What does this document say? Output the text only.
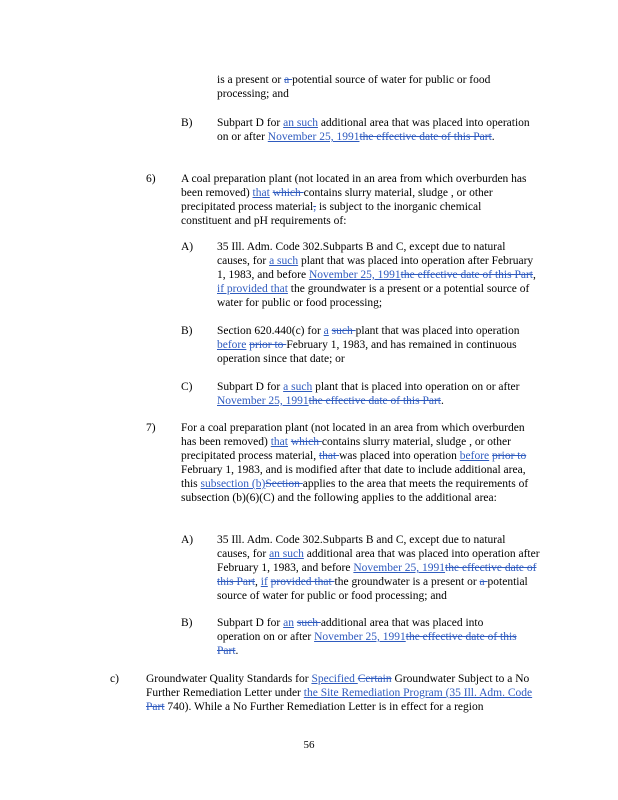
is a present or a potential source of water for public or food processing; and

B) Subpart D for an such additional area that was placed into operation on or after November 25, 1991the effective date of this Part.

6) A coal preparation plant (not located in an area from which overburden has been removed) that which contains slurry material, sludge , or other precipitated process material, is subject to the inorganic chemical constituent and pH requirements of:

A) 35 Ill. Adm. Code 302.Subparts B and C, except due to natural causes, for a such plant that was placed into operation after February 1, 1983, and before November 25, 1991the effective date of this Part, if provided that the groundwater is a present or a potential source of water for public or food processing;

B) Section 620.440(c) for a such plant that was placed into operation before prior to February 1, 1983, and has remained in continuous operation since that date; or

C) Subpart D for a such plant that is placed into operation on or after November 25, 1991the effective date of this Part.

7) For a coal preparation plant (not located in an area from which overburden has been removed) that which contains slurry material, sludge , or other precipitated process material, that was placed into operation before prior to February 1, 1983, and is modified after that date to include additional area, this subsection (b)Section applies to the area that meets the requirements of subsection (b)(6)(C) and the following applies to the additional area:

A) 35 Ill. Adm. Code 302.Subparts B and C, except due to natural causes, for an such additional area that was placed into operation after February 1, 1983, and before November 25, 1991the effective date of this Part, if provided that the groundwater is a present or a potential source of water for public or food processing; and

B) Subpart D for an such additional area that was placed into operation on or after November 25, 1991the effective date of this Part.

c) Groundwater Quality Standards for Specified Certain Groundwater Subject to a No Further Remediation Letter under the Site Remediation Program (35 Ill. Adm. Code Part 740). While a No Further Remediation Letter is in effect for a region

56
